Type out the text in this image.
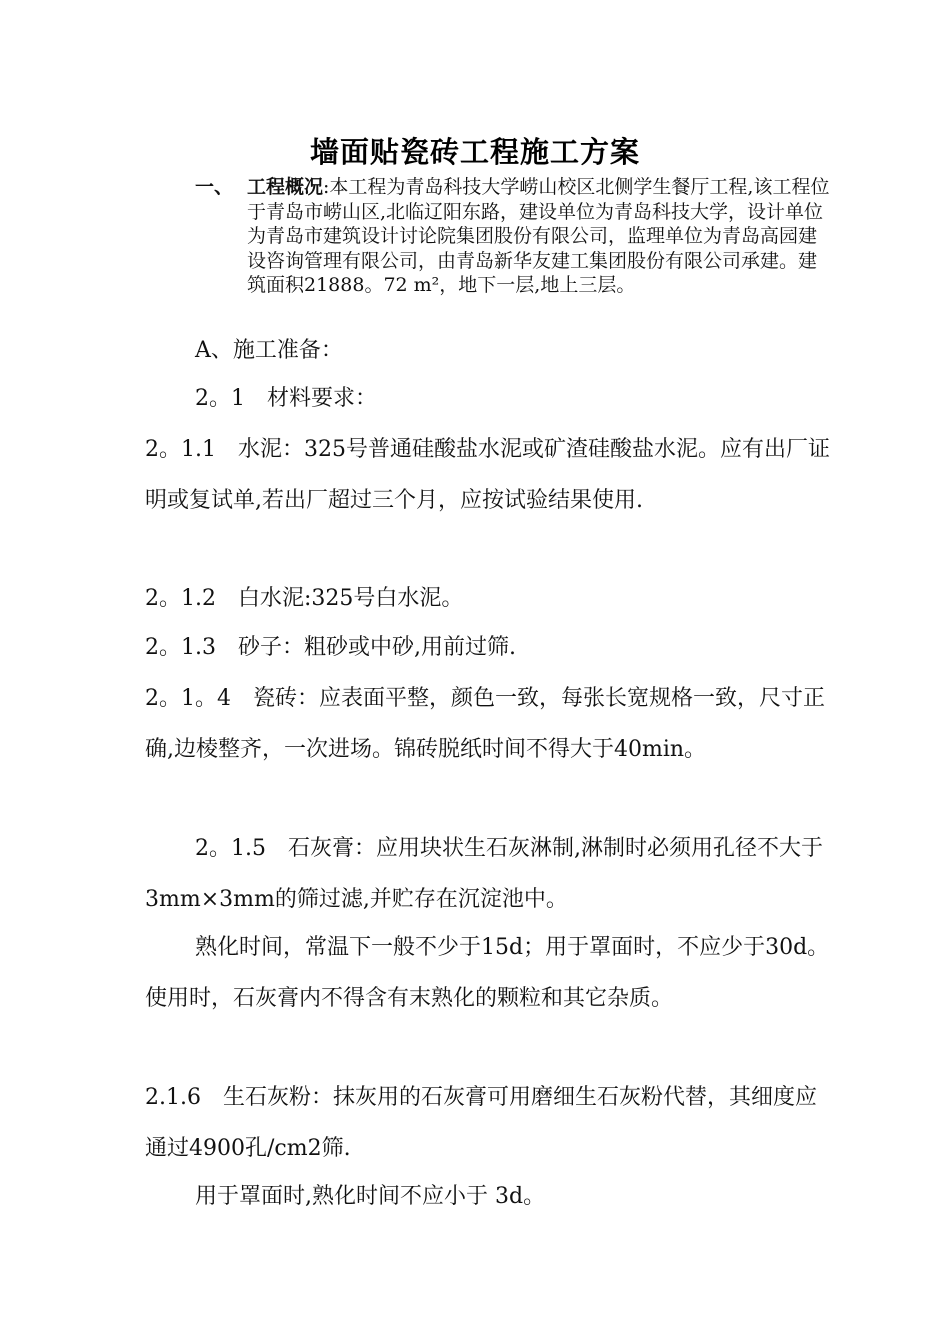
墙面贴瓷砖工程施工方案
一、 工程概况:本工程为青岛科技大学崂山校区北侧学生餐厅工程,该工程位于青岛市崂山区,北临辽阳东路，建设单位为青岛科技大学，设计单位为青岛市建筑设计讨论院集团股份有限公司，监理单位为青岛高园建设咨询管理有限公司，由青岛新华友建工集团股份有限公司承建。建筑面积21888。72 m²，地下一层,地上三层。
A、施工准备：
2。1　材料要求：
2。1.1　水泥：325号普通硅酸盐水泥或矿渣硅酸盐水泥。应有出厂证明或复试单,若出厂超过三个月，应按试验结果使用.
2。1.2　白水泥:325号白水泥。
2。1.3　砂子：粗砂或中砂,用前过筛.
2。1。4　瓷砖：应表面平整，颜色一致，每张长宽规格一致，尺寸正确,边棱整齐，一次进场。锦砖脱纸时间不得大于40min。
2。1.5　石灰膏：应用块状生石灰淋制,淋制时必须用孔径不大于3mm×3mm的筛过滤,并贮存在沉淀池中。
熟化时间，常温下一般不少于15d；用于罩面时，不应少于30d。使用时，石灰膏内不得含有末熟化的颗粒和其它杂质。
2.1.6　生石灰粉：抹灰用的石灰膏可用磨细生石灰粉代替，其细度应通过4900孔/cm2筛.
用于罩面时,熟化时间不应小于 3d。
